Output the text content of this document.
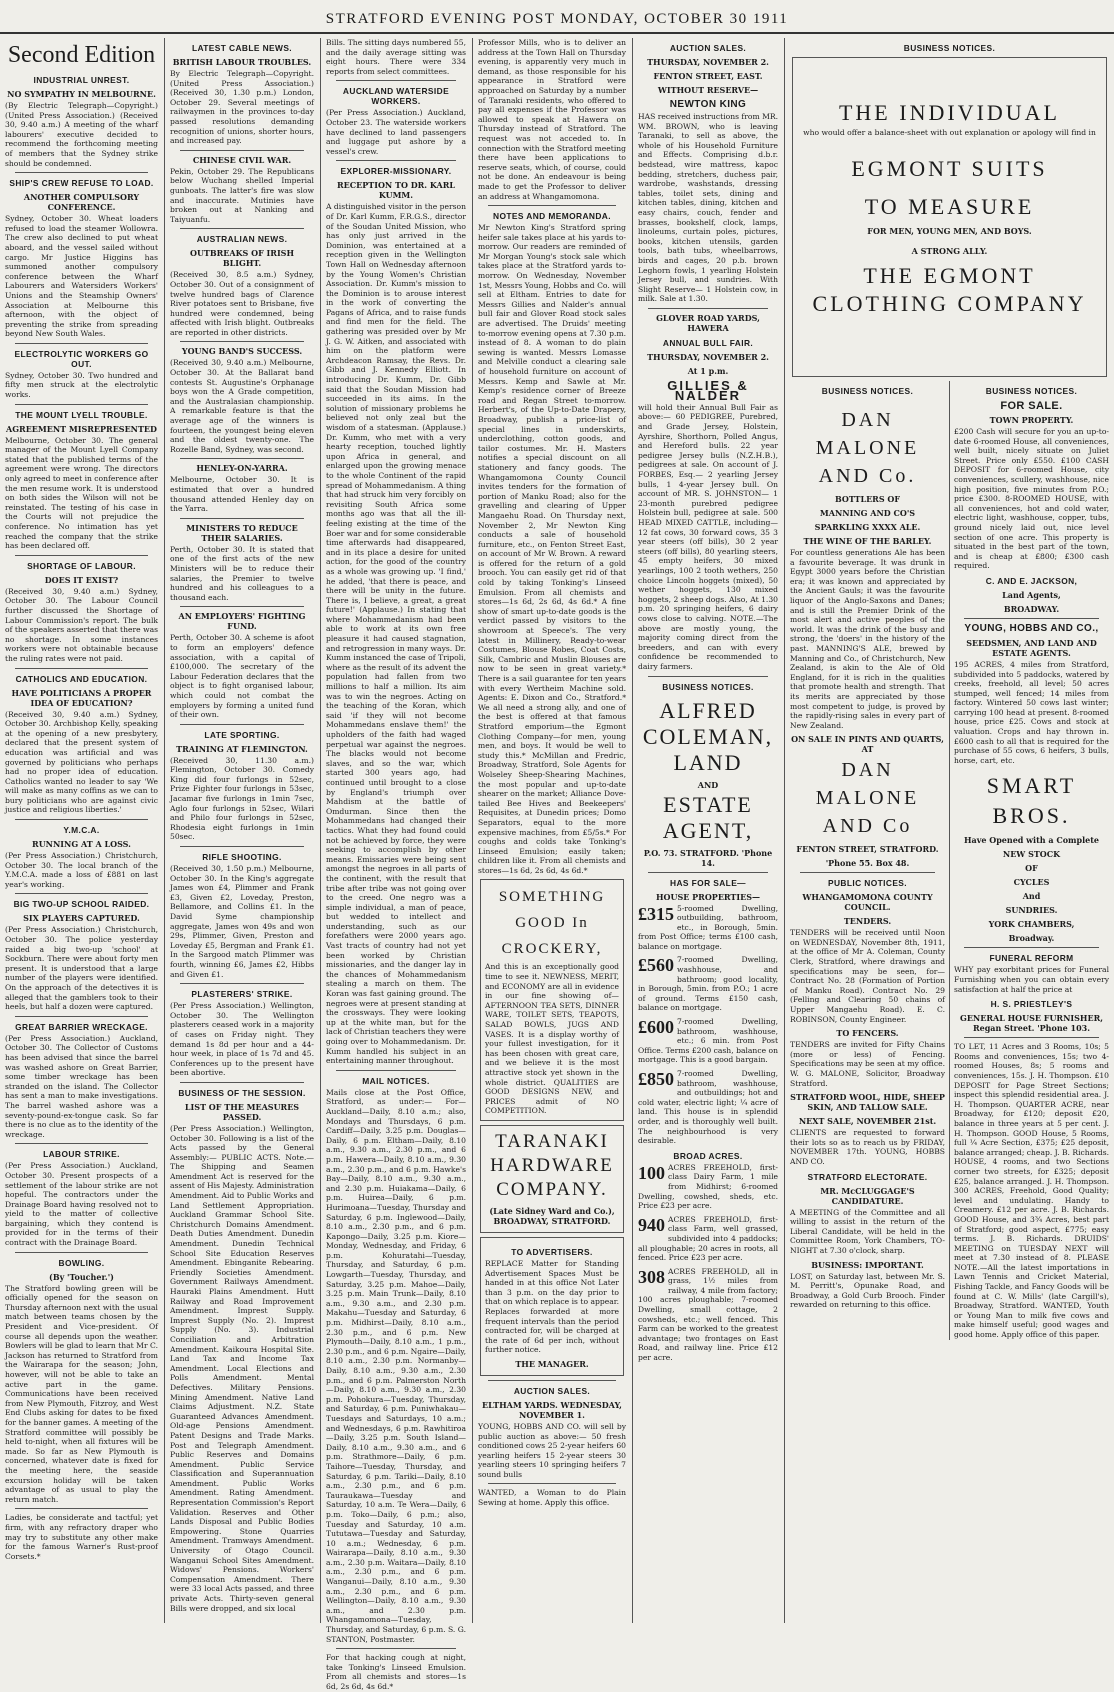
STRATFORD EVENING POST MONDAY, OCTOBER 30 1911
Second Edition
INDUSTRIAL UNREST.
NO SYMPATHY IN MELBOURNE.

(By Electric Telegraph—Copyright.) (United Press Association.) (Received 30, 9.40 a.m.) A meeting of the wharf labourers' executive decided to recommend the forthcoming meeting of members that the Sydney strike should be condemned.

SHIP'S CREW REFUSE TO LOAD.
ANOTHER COMPULSORY CONFERENCE.

Sydney, October 30. Wheat loaders refused to load the steamer Wollowra. The crew also declined to put wheat aboard, and the vessel sailed without cargo. Mr Justice Higgins has summoned another compulsory conference between the Wharf Labourers and Watersiders Workers' Unions and the Steamship Owners' Association at Melbourne this afternoon, with the object of preventing the strike from spreading beyond New South Wales.

ELECTROLYTIC WORKERS GO OUT.

Sydney, October 30. Two hundred and fifty men struck at the electrolytic works.

THE MOUNT LYELL TROUBLE.
AGREEMENT MISREPRESENTED

Melbourne, October 30. The general manager of the Mount Lyell Company stated that the published terms of the agreement were wrong. The directors only agreed to meet in conference after the men resume work. It is understood on both sides the Wilson will not be reinstated. The testing of his case in the Courts will not prejudice the conference. No intimation has yet reached the company that the strike has been declared off.

SHORTAGE OF LABOUR.
DOES IT EXIST?

(Received 30, 9.40 a.m.) Sydney, October 30. The Labour Council further discussed the Shortage of Labour Commission's report. The bulk of the speakers asserted that there was no shortage. In some instances workers were not obtainable because the ruling rates were not paid.

CATHOLICS AND EDUCATION.
HAVE POLITICIANS A PROPER IDEA OF EDUCATION?

(Received 30, 9.40 a.m.) Sydney, October 30. Archbishop Kelly, speaking at the opening of a new presbytery, declared that the present system of education was artificial and was governed by politicians who perhaps had no proper idea of education. Catholics wanted no leader to say 'We will make as many coffins as we can to bury politicians who are against civic justice and religious liberties.'

Y.M.C.A.
RUNNING AT A LOSS.

(Per Press Association.) Christchurch, October 30. The local branch of the Y.M.C.A. made a loss of £881 on last year's working.

BIG TWO-UP SCHOOL RAIDED.
SIX PLAYERS CAPTURED.

(Per Press Association.) Christchurch, October 30. The police yesterday raided a big two-up 'school' at Sockburn. There were about forty men present. It is understood that a large number of the players were identified. On the approach of the detectives it is alleged that the gamblers took to their heels, but half a dozen were captured.

GREAT BARRIER WRECKAGE.

(Per Press Association.) Auckland, October 30. The Collector of Customs has been advised that since the barrel was washed ashore on Great Barrier, some timber wreckage has been stranded on the island. The Collector has sent a man to make investigations. The barrel washed ashore was a seventy-pound-ex-tongue cask. So far there is no clue as to the identity of the wreckage.

LABOUR STRIKE.

(Per Press Association.) Auckland, October 30. Present prospects of a settlement of the labour strike are not hopeful. The contractors under the Drainage Board having resolved not to yield to the matter of collective bargaining, which they contend is provided for in the terms of their contract with the Drainage Board.

BOWLING.
(By 'Toucher.')

The Stratford bowling green will be officially opened for the season on Thursday afternoon next with the usual match between teams chosen by the President and Vice-president. Of course all depends upon the weather. Bowlers will be glad to learn that Mr C. Jackson has returned to Stratford from the Wairarapa for the season; John, however, will not be able to take an active part in the game. Communications have been received from New Plymouth, Fitzroy, and West End Clubs asking for dates to be fixed for the banner games. A meeting of the Stratford committee will possibly be held to-night, when all fixtures will be made. So far as New Plymouth is concerned, whatever date is fixed for the meeting here, the seaside excursion holiday will be taken advantage of as usual to play the return match.

Ladies, be considerate and tactful; yet firm, with any refractory draper who may try to substitute any other make for the famous Warner's Rust-proof Corsets.*

LATEST CABLE NEWS.
BRITISH LABOUR TROUBLES.

By Electric Telegraph—Copyright. (United Press Association.) (Received 30, 1.30 p.m.) London, October 29. Several meetings of railwaymen in the provinces to-day passed resolutions demanding recognition of unions, shorter hours, and increased pay.

CHINESE CIVIL WAR.

Pekin, October 29. The Republicans below Wuchang shelled Imperial gunboats. The latter's fire was slow and inaccurate. Mutinies have broken out at Nanking and Taiyuanfu.

AUSTRALIAN NEWS.
OUTBREAKS OF IRISH BLIGHT.

(Received 30, 8.5 a.m.) Sydney, October 30. Out of a consignment of twelve hundred bags of Clarence River potatoes sent to Brisbane, five hundred were condemned, being affected with Irish blight. Outbreaks are reported in other districts.

YOUNG BAND'S SUCCESS.

(Received 30, 9.40 a.m.) Melbourne, October 30. At the Ballarat band contests St. Augustine's Orphanage boys won the A Grade competition, and the Australasian championship. A remarkable feature is that the average age of the winners is fourteen, the youngest being eleven and the oldest twenty-one. The Rozelle Band, Sydney, was second.

HENLEY-ON-YARRA.

Melbourne, October 30. It is estimated that over a hundred thousand attended Henley day on the Yarra.

MINISTERS TO REDUCE THEIR SALARIES.

Perth, October 30. It is stated that one of the first acts of the new Ministers will be to reduce their salaries, the Premier to twelve hundred and his colleagues to a thousand each.

AN EMPLOYERS' FIGHTING FUND.

Perth, October 30. A scheme is afoot to form an employers' defence association, with a capital of £100,000. The secretary of the Labour Federation declares that the object is to fight organised labour, which could not combat the employers by forming a united fund of their own.

LATE SPORTING.
TRAINING AT FLEMINGTON.

(Received 30, 11.30 a.m.) Flemington, October 30. Comedy King did four furlongs in 52sec, Prize Fighter four furlongs in 53sec, Jacamar five furlongs in 1min 7sec, Aglo four furlongs in 52sec, Wilari and Philo four furlongs in 52sec, Rhodesia eight furlongs in 1min 50sec.

RIFLE SHOOTING.

(Received 30, 1.50 p.m.) Melbourne, October 30. In the King's aggregate James won £4, Plimmer and Frank £3, Given £2, Loveday, Preston, Bellamore, and Collins £1. In the David Syme championship aggregate, James won 49s and won 29s, Plimmer, Given, Preston and Loveday £5, Bergman and Frank £1. In the Sargood match Plimmer was fourth, winning £6, James £2, Hibbs and Given £1.

PLASTERERS' STRIKE.

(Per Press Association.) Wellington, October 30. The Wellington plasterers ceased work in a majority of cases on Friday night. They demand 1s 8d per hour and a 44-hour week, in place of 1s 7d and 45. Conferences up to the present have been abortive.

BUSINESS OF THE SESSION.
LIST OF THE MEASURES PASSED.

(Per Press Association.) Wellington, October 30. Following is a list of the Acts passed by the General Assembly:— PUBLIC ACTS. Note.—The Shipping and Seamen Amendment Act is reserved for the assent of His Majesty. Administration Amendment. Aid to Public Works and Land Settlement Appropriation. Auckland Grammar School Site. Christchurch Domains Amendment. Death Duties Amendment. Dunedin Amendment. Dunedin Technical School Site Education Reserves Amendment. Ebinganite Rebearing. Friendly Societies Amendment. Government Railways Amendment. Hauraki Plains Amendment. Hutt Railway and Road Improvement Amendment. Imprest Supply. Imprest Supply (No. 2). Imprest Supply (No. 3). Industrial Conciliation and Arbitration Amendment. Kaikoura Hospital Site. Land Tax and Income Tax Amendment. Local Elections and Polls Amendment. Mental Defectives. Military Pensions. Mining Amendment. Native Land Claims Adjustment. N.Z. State Guaranteed Advances Amendment. Old-age Pensions Amendment. Patent Designs and Trade Marks. Post and Telegraph Amendment. Public Reserves and Domains Amendment. Public Service Classification and Superannuation Amendment. Public Works Amendment. Rating Amendment. Representation Commission's Report Validation. Reserves and Other Lands Disposal and Public Bodies Empowering. Stone Quarries Amendment. Tramways Amendment. University of Otago Council. Wanganui School Sites Amendment. Widows' Pensions. Workers' Compensation Amendment. There were 33 local Acts passed, and three private Acts. Thirty-seven general Bills were dropped, and six local

Bills. The sitting days numbered 55, and the daily average sitting was eight hours. There were 334 reports from select committees.

AUCKLAND WATERSIDE WORKERS.

(Per Press Association.) Auckland, October 23. The waterside workers have declined to land passengers and luggage put ashore by a vessel's crew.

EXPLORER-MISSIONARY.
RECEPTION TO DR. KARL KUMM.

A distinguished visitor in the person of Dr. Karl Kumm, F.R.G.S., director of the Soudan United Mission, who has only just arrived in the Dominion, was entertained at a reception given in the Wellington Town Hall on Wednesday afternoon by the Young Women's Christian Association. Dr. Kumm's mission to the Dominion is to arouse interest in the work of converting the Pagans of Africa, and to raise funds and find men for the field. The gathering was presided over by Mr J. G. W. Aitken, and associated with him on the platform were Archdeacon Ramsay, the Revs. Dr. Gibb and J. Kennedy Elliott. In introducing Dr. Kumm, Dr. Gibb said that the Soudan Mission had succeeded in its aims. In the solution of missionary problems he believed not only zeal but the wisdom of a statesman. (Applause.) Dr. Kumm, who met with a very hearty reception, touched lightly upon Africa in general, and enlarged upon the growing menace to the whole Continent of the rapid spread of Mohammedanism. A thing that had struck him very forcibly on revisiting South Africa some months ago was that all the ill-feeling existing at the time of the Boer war and for some considerable time afterwards had disappeared, and in its place a desire for united action, for the good of the country as a whole was growing up. 'I find,' he added, 'that there is peace, and there will be unity in the future. There is, I believe, a great, a great future!' (Applause.) In stating that where Mohammedanism had been able to work at its own free pleasure it had caused stagnation, and retrogression in many ways. Dr. Kumm instanced the case of Tripoli, where as the result of its advent the population had fallen from two millions to half a million. Its aim was to win the negroes. Acting on the teaching of the Koran, which said 'if they will not become Mohammedans enslave them!' the upholders of the faith had waged perpetual war against the negroes. The blacks would not become slaves, and so the war, which started 300 years ago, had continued until brought to a close by England's triumph over Mahdism at the battle of Omdurman. Since then the Mohammedans had changed their tactics. What they had found could not be achieved by force, they were seeking to accomplish by other means. Emissaries were being sent amongst the negroes in all parts of the continent, with the result that tribe after tribe was not going over to the creed. One negro was a simple individual, a man of peace, but wedded to intellect and understanding, such as our forefathers were 2000 years ago. Vast tracts of country had not yet been worked by Christian missionaries, and the danger lay in the chances of Mohammedanism stealing a march on them. The Koran was fast gaining ground. The negroes were at present standing at the crossways. They were looking up at the white man, but for the lack of Christian teachers they were going over to Mohammedanism. Dr. Kumm handled his subject in an entertaining manner throughout.

MAIL NOTICES.

Mails close at the Post Office, Stratford, as under:— For— Auckland—Daily, 8.10 a.m.; also, Mondays and Thursdays, 6 p.m. Cardiff—Daily, 3.25 p.m. Douglas—Daily, 6 p.m. Eltham—Daily, 8.10 a.m., 9.30 a.m., 2.30 p.m., and 6 p.m. Hawera—Daily, 8.10 a.m., 9.30 a.m., 2.30 p.m., and 6 p.m. Hawke's Bay—Daily, 8.10 a.m., 9.30 a.m., and 2.30 p.m. Huiakama—Daily, 6 p.m. Huirea—Daily, 6 p.m. Hurimoana—Tuesday, Thursday and Saturday, 6 p.m. Inglewood—Daily, 8.10 a.m., 2.30 p.m., and 6 p.m. Kapongo—Daily, 3.25 p.m. Kiore—Monday, Wednesday, and Friday, 6 p.m. Kohuratahi—Tuesday, Thursday, and Saturday, 6 p.m. Lowgarth—Tuesday, Thursday, and Saturday, 3.25 p.m. Mahoe—Daily, 3.25 p.m. Main Trunk—Daily, 8.10 a.m., 9.30 a.m., and 2.30 p.m. Makahu—Tuesday and Saturday, 6 p.m. Midhirst—Daily, 8.10 a.m., 2.30 p.m., and 6 p.m. New Plymouth—Daily, 8.10 a.m., 1 p.m., 2.30 p.m., and 6 p.m. Ngaire—Daily, 8.10 a.m., 2.30 p.m. Normanby—Daily, 8.10 a.m., 9.30 a.m., 2.30 p.m., and 6 p.m. Palmerston North—Daily, 8.10 a.m., 9.30 a.m., 2.30 p.m. Pohokura—Tuesday, Thursday, and Saturday, 6 p.m. Puniwhakau—Tuesdays and Saturdays, 10 a.m.; and Wednesdays, 6 p.m. Rawhitiroa—Daily, 3.25 p.m. South Island—Daily, 8.10 a.m., 9.30 a.m., and 6 p.m. Strathmore—Daily, 6 p.m. Taihore—Tuesday, Thursday, and Saturday, 6 p.m. Tariki—Daily, 8.10 a.m., 2.30 p.m., and 6 p.m. Tauraukawa—Tuesday and Saturday, 10 a.m. Te Wera—Daily, 6 p.m. Toko—Daily, 6 p.m.; also, Tuesday and Saturday, 10 a.m. Tututawa—Tuesday and Saturday, 10 a.m.; Wednesday, 6 p.m. Wairarapa—Daily, 8.10 a.m., 9.30 a.m., 2.30 p.m. Waitara—Daily, 8.10 a.m., 2.30 p.m., and 6 p.m. Wanganui—Daily, 8.10 a.m., 9.30 a.m., 2.30 p.m., and 6 p.m. Wellington—Daily, 8.10 a.m., 9.30 a.m., and 2.30 p.m. Whangamomona—Tuesday, Thursday, and Saturday, 6 p.m. S. G. STANTON, Postmaster.

For that hacking cough at night, take Tonking's Linseed Emulsion. From all chemists and stores—1s 6d, 2s 6d, 4s 6d.*

Professor Mills, who is to deliver an address at the Town Hall on Thursday evening, is apparently very much in demand, as those responsible for his appearance in Stratford were approached on Saturday by a number of Taranaki residents, who offered to pay all expenses if the Professor was allowed to speak at Hawera on Thursday instead of Stratford. The request was not acceded to. In connection with the Stratford meeting there have been applications to reserve seats, which, of course, could not be done. An endeavour is being made to get the Professor to deliver an address at Whangamomona.

NOTES AND MEMORANDA.

Mr Newton King's Stratford spring heifer sale takes place at his yards to-morrow. Our readers are reminded of Mr Morgan Young's stock sale which takes place at the Stratford yards to-morrow. On Wednesday, November 1st, Messrs Young, Hobbs and Co. will sell at Eltham. Entries to date for Messrs Gillies and Nalder's annual bull fair and Glover Road stock sales are advertised. The Druids' meeting to-morrow evening opens at 7.30 p.m. instead of 8. A woman to do plain sewing is wanted. Messrs Lomasse and Melville conduct a clearing sale of household furniture on account of Messrs. Kemp and Sawle at Mr. Kemp's residence corner of Breeze road and Regan Street to-morrow. Herbert's, of the Up-to-Date Drapery, Broadway, publish a price-list of special lines in underskirts, underclothing, cotton goods, and tailor costumes. Mr. H. Masters notifies a special discount on all stationery and fancy goods. The Whangamomona County Council invites tenders for the formation of portion of Manku Road; also for the gravelling and clearing of Upper Mangaehu Road. On Thursday next, November 2, Mr Newton King conducts a sale of household furniture, etc., on Fenton Street East, on account of Mr W. Brown. A reward is offered for the return of a gold brooch. You can easily get rid of that cold by taking Tonking's Linseed Emulsion. From all chemists and stores—1s 6d, 2s 6d, 4s 6d.* A fine show of smart up-to-date goods is the verdict passed by visitors to the showroom at Speece's. The very latest in Millinery, Ready-to-wear Costumes, Blouse Robes, Coat Costs, Silk, Cambric and Muslin Blouses are now to be seen in great variety.* There is a sail guarantee for ten years with every Wertheim Machine sold. Agents: E. Dixon and Co., Stratford.* We all need a strong ally, and one of the best is offered at that famous Stratford emporium—the Egmont Clothing Company—for men, young men, and boys. It would be well to study this.* McMillan and Fredric, Broadway, Stratford, Sole Agents for Wolseley Sheep-Shearing Machines, the most popular and up-to-date shearer on the market; Alliance Dove-tailed Bee Hives and Beekeepers' Requisites, at Dunedin prices; Domo Separators, equal to the more expensive machines, from £5/5s.* For coughs and colds take Tonking's Linseed Emulsion; easily taken; children like it. From all chemists and stores—1s 6d, 2s 6d, 4s 6d.*

SOMETHING GOOD In CROCKERY,

And this is an exceptionally good time to see it. NEWNESS, MERIT, and ECONOMY are all in evidence in our fine showing of— AFTERNOON TEA SETS, DINNER WARE, TOILET SETS, TEAPOTS, SALAD BOWLS, JUGS AND VASES. It is a display worthy of your fullest investigation, for it has been chosen with great care, and we believe it is the most attractive stock yet shown in the whole district. QUALITIES are GOOD DESIGNS NEW, and PRICES admit of NO COMPETITION.

TARANAKI HARDWARE COMPANY.
(Late Sidney Ward and Co.), BROADWAY, STRATFORD.
TO ADVERTISERS.

REPLACE Matter for Standing Advertisement Spaces Must be handed in at this office Not Later than 3 p.m. on the day prior to that on which replace is to appear. Replaces forwarded at more frequent intervals than the period contracted for, will be charged at the rate of 6d per inch, without further notice.

THE MANAGER.
AUCTION SALES.
ELTHAM YARDS. WEDNESDAY, NOVEMBER 1.

YOUNG, HOBBS AND CO. will sell by public auction as above:— 50 fresh conditioned cows 25 2-year heifers 60 yearling heifers 15 2-year steers 30 yearling steers 10 springing heifers 7 sound bulls

WANTED, a Woman to do Plain Sewing at home. Apply this office.

AUCTION SALES.
THURSDAY, NOVEMBER 2.
FENTON STREET, EAST.
WITHOUT RESERVE—
NEWTON KING

HAS received instructions from MR. WM. BROWN, who is leaving Taranaki, to sell as above, the whole of his Household Furniture and Effects. Comprising d.b.r. bedstead, wire mattress, kapoc bedding, stretchers, duchess pair, wardrobe, washstands, dressing tables, toilet sets, dining and kitchen tables, dining, kitchen and easy chairs, couch, fender and brasses, bookshelf, clock, lamps, linoleums, curtain poles, pictures, books, kitchen utensils, garden tools, bath tubs, wheelbarrows, birds and cages, 20 p.b. brown Leghorn fowls, 1 yearling Holstein Jersey bull, and sundries. With Slight Reserve— 1 Holstein cow, in milk. Sale at 1.30.

GLOVER ROAD YARDS, HAWERA
ANNUAL BULL FAIR.
THURSDAY, NOVEMBER 2.
At 1 p.m.
GILLIES & NALDER

will hold their Annual Bull Fair as above:— 60 PEDIGREE, Purebred, and Grade Jersey, Holstein, Ayrshire, Shorthorn, Polled Angus, and Hereford bulls. 22 year pedigree Jersey bulls (N.Z.H.B.), pedigrees at sale. On account of J. FORBES, Esq.— 2 yearling Jersey bulls, 1 4-year Jersey bull. On account of MR. S. JOHNSTON— 1 23-month purebred pedigree Holstein bull, pedigree at sale. 500 HEAD MIXED CATTLE, including— 12 fat cows, 30 forward cows, 35 3 year steers (off bills), 30 2 year steers (off bills), 80 yearling steers, 45 empty heifers, 30 mixed yearlings, 100 2 tooth wethers, 250 choice Lincoln hoggets (mixed), 50 wether hoggets, 130 mixed hoggets, 2 sheep dogs. Also, At 1.30 p.m. 20 springing heifers, 6 dairy cows close to calving. NOTE.—The above are mostly young, the majority coming direct from the breeders, and can with every confidence be recommended to dairy farmers.

BUSINESS NOTICES.
ALFRED COLEMAN,
LAND
AND
ESTATE AGENT,
P.O. 73. STRATFORD. 'Phone 14.
HAS FOR SALE—
HOUSE PROPERTIES—
£315 5-roomed Dwelling, outbuilding, bathroom, etc., in Borough, 5min. from Post Office; terms £100 cash, balance on mortgage.

£560 7-roomed Dwelling, washhouse, and bathroom; good locality, in Borough, 5min. from P.O.; 1 acre of ground. Terms £150 cash, balance on mortgage.

£600 7-roomed Dwelling, bathroom, washhouse, etc.; 6 min. from Post Office. Terms £200 cash, balance on mortgage. This is a good bargain.

£850 7-roomed Dwelling, bathroom, washhouse, and outbuildings; hot and cold water, electric light; ¼ acre of land. This house is in splendid order, and is thoroughly well built. The neighbourhood is very desirable.

BROAD ACRES.
100 ACRES FREEHOLD, first-class Dairy Farm, 1 mile from Midhirst; 6-roomed Dwelling, cowshed, sheds, etc. Price £23 per acre.

940 ACRES FREEHOLD, first-class Farm, well grassed, subdivided into 4 paddocks; all ploughable; 20 acres in roots, all fenced. Price £23 per acre.

308 ACRES FREEHOLD, all in grass, 1½ miles from railway, 4 mile from factory; 100 acres ploughable; 7-roomed Dwelling, small cottage, 2 cowsheds, etc.; well fenced. This Farm can be worked to the greatest advantage; two frontages on East Road, and railway line. Price £12 per acre.

BUSINESS NOTICES.
THE INDIVIDUAL

who would offer a balance-sheet with out explanation or apology will find in

EGMONT SUITS
TO MEASURE
FOR MEN, YOUNG MEN, AND BOYS.
A STRONG ALLY.
THE EGMONT CLOTHING COMPANY
BUSINESS NOTICES.
DAN MALONE AND Co.
BOTTLERS OF
MANNING AND CO'S
SPARKLING XXXX ALE.
THE WINE OF THE BARLEY.

For countless generations Ale has been a favourite beverage. It was drunk in Egypt 3000 years before the Christian era; it was known and appreciated by the Ancient Gauls; it was the favourite liquor of the Anglo-Saxons and Danes; and is still the Premier Drink of the most alert and active peoples of the world. It was the drink of the busy and strong, the 'doers' in the history of the past. MANNING'S ALE, brewed by Manning and Co., of Christchurch, New Zealand, is akin to the Ale of Old England, for it is rich in the qualities that promote health and strength. That its merits are appreciated by those most competent to judge, is proved by the rapidly-rising sales in every part of New Zealand.

ON SALE IN PINTS AND QUARTS, AT
DAN MALONE AND Co
FENTON STREET, STRATFORD.
'Phone 55. Box 48.
PUBLIC NOTICES.
WHANGAMOMONA COUNTY COUNCIL.
TENDERS.

TENDERS will be received until Noon on WEDNESDAY, November 8th, 1911, at the office of Mr A. Coleman, County Clerk, Stratford, where drawings and specifications may be seen, for— Contract No. 28 (Formation of Portion of Manku Road). Contract No. 29 (Felling and Clearing 50 chains of Upper Mangaehu Road). E. C. ROBINSON, County Engineer.

TO FENCERS.

TENDERS are invited for Fifty Chains (more or less) of Fencing. Specifications may be seen at my office. W. G. MALONE, Solicitor, Broadway Stratford.

STRATFORD WOOL, HIDE, SHEEP SKIN, AND TALLOW SALE.
NEXT SALE, NOVEMBER 21st.

CLIENTS are requested to forward their lots so as to reach us by FRIDAY, NOVEMBER 17th. YOUNG, HOBBS AND CO.

STRATFORD ELECTORATE.
MR. McCLUGGAGE'S CANDIDATURE.

A MEETING of the Committee and all willing to assist in the return of the Liberal Candidate, will be held in the Committee Room, York Chambers, TO-NIGHT at 7.30 o'clock, sharp.

BUSINESS: IMPORTANT.

LOST, on Saturday last, between Mr. S. M. Perritt's, Opunake Road, and Broadway, a Gold Curb Brooch. Finder rewarded on returning to this office.

BUSINESS NOTICES.
FOR SALE.
TOWN PROPERTY.

£200 Cash will secure for you an up-to-date 6-roomed House, all conveniences, well built, nicely situate on Juliet Street. Price only £550. £100 CASH DEPOSIT for 6-roomed House, city conveniences, scullery, washhouse, nice high position, five minutes from P.O.; price £300. 8-ROOMED HOUSE, with all conveniences, hot and cold water, electric light, washhouse, copper, tubs, ground nicely laid out, nice level section of one acre. This property is situated in the best part of the town, and is cheap at £800; £300 cash required.

C. AND E. JACKSON,
Land Agents,
BROADWAY.
YOUNG, HOBBS AND CO.,
SEEDSMEN, AND LAND AND ESTATE AGENTS.

195 ACRES, 4 miles from Stratford, subdivided into 5 paddocks, watered by creeks, freehold, all level; 50 acres stumped, well fenced; 14 miles from factory. Wintered 50 cows last winter; carrying 100 head at present. 8-roomed house, price £25. Cows and stock at valuation. Crops and hay thrown in. £600 cash to all that is required for the purchase of 55 cows, 6 heifers, 3 bulls, horse, cart, etc.

SMART BROS.
Have Opened with a Complete
NEW STOCK
OF
CYCLES
And
SUNDRIES.
YORK CHAMBERS,
Broadway.
FUNERAL REFORM

WHY pay exorbitant prices for Funeral Furnishing when you can obtain every satisfaction at half the price at

H. S. PRIESTLEY'S
GENERAL HOUSE FURNISHER, Regan Street. 'Phone 103.

TO LET, 11 Acres and 3 Rooms, 10s; 5 Rooms and conveniences, 15s; two 4-roomed Houses, 8s; 5 rooms and conveniences, 15s. J. H. Thompson. £10 DEPOSIT for Page Street Sections; inspect this splendid residential area. J. H. Thompson. QUARTER ACRE, near Broadway, for £120; deposit £20, balance in three years at 5 per cent. J. H. Thompson. GOOD House, 5 Rooms, full ¼ Acre Section, £375; £25 deposit, balance arranged; cheap. J. B. Richards. HOUSE, 4 rooms, and two Sections corner two streets, for £325; deposit £25, balance arranged. J. H. Thompson. 300 ACRES, Freehold, Good Quality; level and undulating. Handy to Creamery. £12 per acre. J. B. Richards. GOOD House, and 3¾ Acres, best part of Stratford; good aspect, £775; easy terms. J. B. Richards. DRUIDS' MEETING on TUESDAY NEXT will meet at 7.30 instead of 8. PLEASE NOTE.—All the latest importations in Lawn Tennis and Cricket Material, Fishing Tackle, and Fancy Goods will be found at C. W. Mills' (late Cargill's), Broadway, Stratford. WANTED, Youth or Young Man to milk five cows and make himself useful; good wages and good home. Apply office of this paper.
